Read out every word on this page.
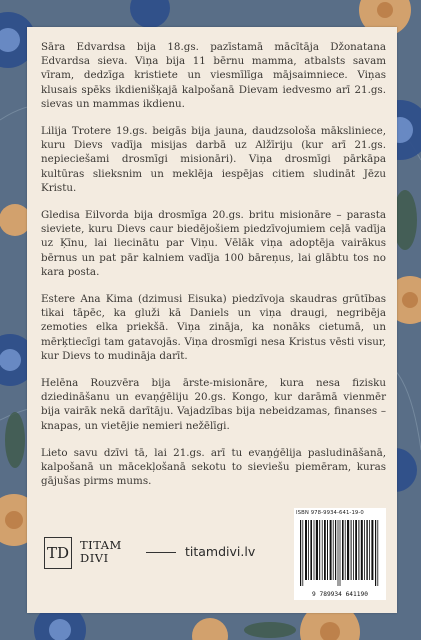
Sāra Edvardsa bija 18.gs. pazīstamā mācītāja Džonatana Edvardsa sieva. Viņa bija 11 bērnu mamma, atbalsts savam vīram, dedzīga kristiete un viesmīlīga mājsaimniece. Viņas klusais spēks ikdienišķajā kalpošanā Dievam iedvesmo arī 21.gs. sievas un mammas ikdienu.

Lilija Trotere 19.gs. beigās bija jauna, daudzsološa māksliniece, kuru Dievs vadīja misijas darbā uz Alžīriju (kur arī 21.gs. nepieciešami drosmīgi misionāri). Viņa drosmīgi pārkāpa kultūras slieksnim un meklēja iespējas citiem sludināt Jēzu Kristu.

Gledisa Eilvorda bija drosmīga 20.gs. britu misionāre – parasta sieviete, kuru Dievs caur biedējošiem piedzīvojumiem ceļā vadīja uz Ķīnu, lai liecinātu par Viņu. Vēlāk viņa adoptēja vairākus bērnus un pat pār kalniem vadīja 100 bāreņus, lai glābtu tos no kara posta.

Estere Ana Kima (dzimusi Eisuka) piedzīvoja skaudras grūtības tikai tāpēc, ka gluži kā Daniels un viņa draugi, negribēja zemoties elka priekšā. Viņa zināja, ka nonāks cietumā, un mērķtiecīgi tam gatavojās. Viņa drosmīgi nesa Kristus vēsti visur, kur Dievs to mudināja darīt.

Helēna Rouzvēra bija ārste-misionāre, kura nesa fizisku dziedināšanu un evaņģēliju 20.gs. Kongo, kur darāmā vienmēr bija vairāk nekā darītāju. Vajadzības bija nebeidzamas, finanses – knapas, un vietējie nemieri nežēlīgi.

Lieto savu dzīvi tā, lai 21.gs. arī tu evaņģēlija pasludināšanā, kalpošanā un mācekļošanā sekotu to sieviešu piemēram, kuras gājušas pirms mums.

TD TITAM
DIVI	titamdivi.lv
ISBN 978-9934-641-19-0
9 789934 641190
